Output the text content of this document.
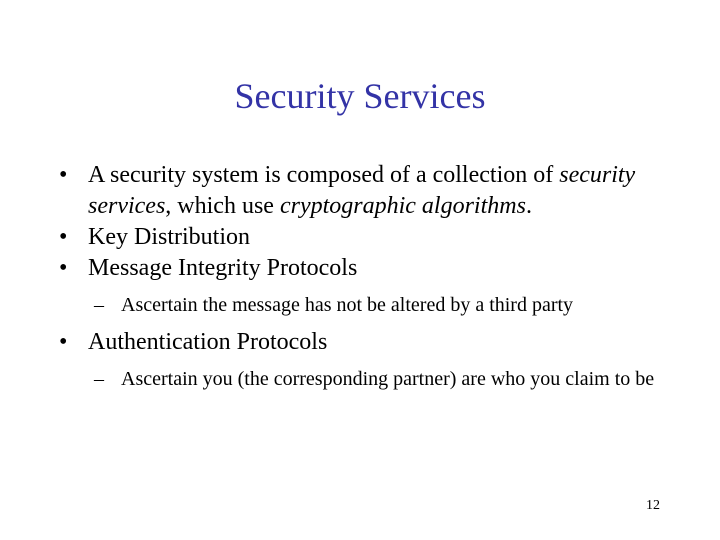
Security Services

• A security system is composed of a collection of security services, which use cryptographic algorithms.

• Key Distribution

• Message Integrity Protocols

– Ascertain the message has not be altered by a third party

• Authentication Protocols

– Ascertain you (the corresponding partner) are who you claim to be

12
